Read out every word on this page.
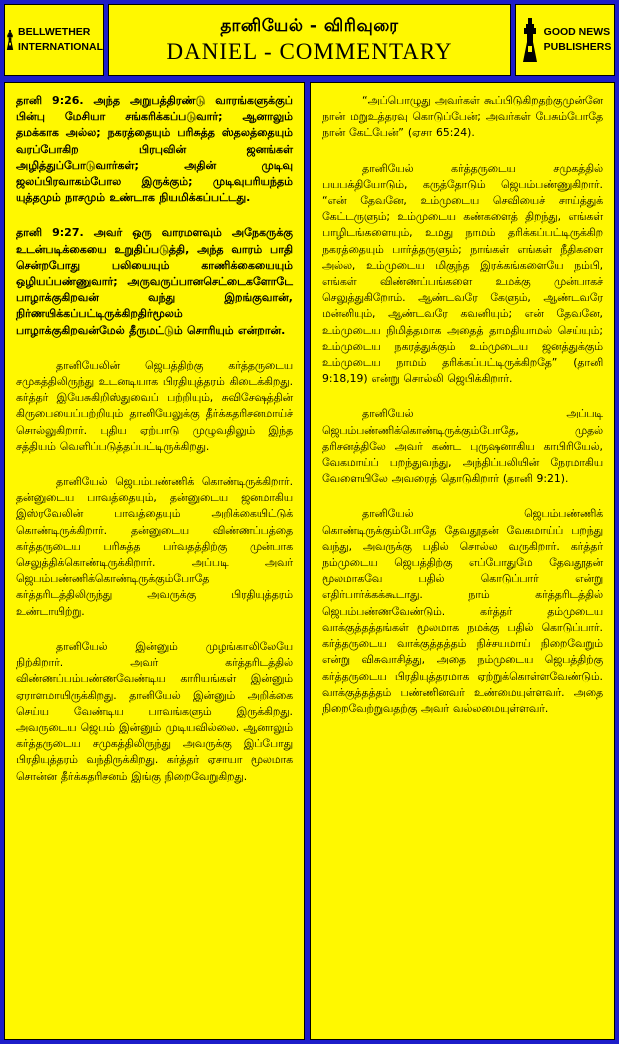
BELLWETHER
INTERNATIONAL
தானியேல் - விரிவுரை
DANIEL - COMMENTARY
GOOD NEWS
PUBLISHERS

தானி 9:26. அந்த அறுபத்திரண்டு வாரங்களுக்குப் பின்பு மேசியா சங்கரிக்கப்படுவார்; ஆனாலும் தமக்காக அல்ல; நகரத்தையும் பரிசுத்த ஸ்தலத்தையும் வரப்போகிற பிரபுவின் ஜனங்கள் அழித்துப்போடுவார்கள்; அதின் முடிவு ஜலப்பிரவாகம்போல இருக்கும்; முடிவுபரியந்தம் யுத்தமும் நாசமும் உண்டாக நியமிக்கப்பட்டது.

தானி 9:27. அவர் ஒரு வாரமளவும் அநேகருக்கு உடன்படிக்கையை உறுதிப்படுத்தி, அந்த வாரம் பாதி சென்றபோது பலியையும் காணிக்கையையும் ஒழியப்பண்ணுவார்; அருவருப்பானசெட்டைகளோடே பாழாக்குகிறவன் வந்து இறங்குவான், நிர்ணயிக்கப்பட்டிருக்கிறதிர்மூலம் பாழாக்குகிறவன்மேல் தீருமட்டும் சொரியும் என்றான்.

தானியேலின் ஜெபத்திற்கு கர்த்தருடைய சமுகத்திலிருந்து உடனடியாக பிரதியுத்தரம் கிடைக்கிறது. கர்த்தர் இயேசுகிறிஸ்துவைப் பற்றியும், சுவிசேஷத்தின் கிருபையைப்பற்றியும் தானியேலுக்கு தீர்க்கதரிசனமாய்ச் சொல்லுகிறார். புதிய ஏற்பாடு முழுவதிலும் இந்த சத்தியம் வெளிப்படுத்தப்பட்டிருக்கிறது.

தானியேல் ஜெபம்பண்ணிக் கொண்டிருக்கிறார். தன்னுடைய பாவத்தையும், தன்னுடைய ஜனமாகிய இஸ்ரவேலின் பாவத்தையும் அறிக்கையிட்டுக் கொண்டிருக்கிறார். தன்னுடைய விண்ணப்பத்தை கர்த்தருடைய பரிசுத்த பர்வதத்திற்கு முன்பாக செலுத்திக்கொண்டிருக்கிறார். அப்படி அவர் ஜெபம்பண்ணிக்கொண்டிருக்கும்போதே கர்த்தரிடத்திலிருந்து அவருக்கு பிரதியுத்தரம் உண்டாயிற்று.

தானியேல் இன்னும் முழங்காலிலேயே நிற்கிறார். அவர் கர்த்தரிடத்தில் விண்ணப்பம்பண்ணவேண்டிய காரியங்கள் இன்னும் ஏராளமாயிருக்கிறது. தானியேல் இன்னும் அறிக்கை செய்ய வேண்டிய பாவங்களும் இருக்கிறது. அவருடைய ஜெபம் இன்னும் முடியவில்லை. ஆனாலும் கர்த்தருடைய சமுகத்திலிருந்து அவருக்கு இப்போது பிரதியுத்தரம் வந்திருக்கிறது. கர்த்தர் ஏசாயா மூலமாக சொன்ன தீர்க்கதரிசனம் இங்கு நிறைவேறுகிறது.

“அப்பொழுது அவர்கள் கூப்பிடுகிறதற்குமுன்னே நான் மறுஉத்தரவு கொடுப்பேன்; அவர்கள் பேசும்போதே நான் கேட்பேன்” (ஏசா 65:24).

தானியேல் கர்த்தருடைய சமுகத்தில் பயபக்தியோடும், கருத்தோடும் ஜெபம்பண்ணுகிறார். “என் தேவனே, உம்முடைய செவியைச் சாய்த்துக் கேட்டருளும்; உம்முடைய கண்களைத் திறந்து, எங்கள் பாழிடங்களையும், உமது நாமம் தரிக்கப்பட்டிருக்கிற நகரத்தையும் பார்த்தருளும்; நாங்கள் எங்கள் நீதிகளை அல்ல, உம்முடைய மிகுந்த இரக்கங்களையே நம்பி, எங்கள் விண்ணப்பங்களை உமக்கு முன்பாகச் செலுத்துகிறோம். ஆண்டவரே கேளும், ஆண்டவரே மன்னியும், ஆண்டவரே கவனியும்; என் தேவனே, உம்முடைய நிமித்தமாக அதைத் தாமதியாமல் செய்யும்; உம்முடைய நகரத்துக்கும் உம்முடைய ஜனத்துக்கும் உம்முடைய நாமம் தரிக்கப்பட்டிருக்கிறதே” (தானி 9:18,19) என்று சொல்லி ஜெபிக்கிறார்.

தானியேல் அப்படி ஜெபம்பண்ணிக்கொண்டிருக்கும்போதே, முதல் தரிசனத்திலே அவர் கண்ட புருஷனாகிய காபிரியேல், வேகமாய்ப் பறந்துவந்து, அந்திப்பலியின் நேரமாகிய வேளையிலே அவரைத் தொடுகிறார் (தானி 9:21).

தானியேல் ஜெபம்பண்ணிக் கொண்டிருக்கும்போதே தேவதூதன் வேகமாய்ப் பறந்து வந்து, அவருக்கு பதில் சொல்ல வருகிறார். கர்த்தர் நம்முடைய ஜெபத்திற்கு எப்போதுமே தேவதூதன் மூலமாகவே பதில் கொடுப்பார் என்று எதிர்பார்க்கக்கூடாது. நாம் கர்த்தரிடத்தில் ஜெபம்பண்ணவேண்டும். கர்த்தர் தம்முடைய வாக்குத்தத்தங்கள் மூலமாக நமக்கு பதில் கொடுப்பார். கர்த்தருடைய வாக்குத்தத்தம் நிச்சயமாய் நிறைவேறும் என்று விசுவாசித்து, அதை நம்முடைய ஜெபத்திற்கு கர்த்தருடைய பிரதியுத்தரமாக ஏற்றுக்கொள்ளவேண்டும். வாக்குத்தத்தம் பண்ணினவர் உண்மையுள்ளவர். அதை நிறைவேற்றுவதற்கு அவர் வல்லமையுள்ளவர்.
